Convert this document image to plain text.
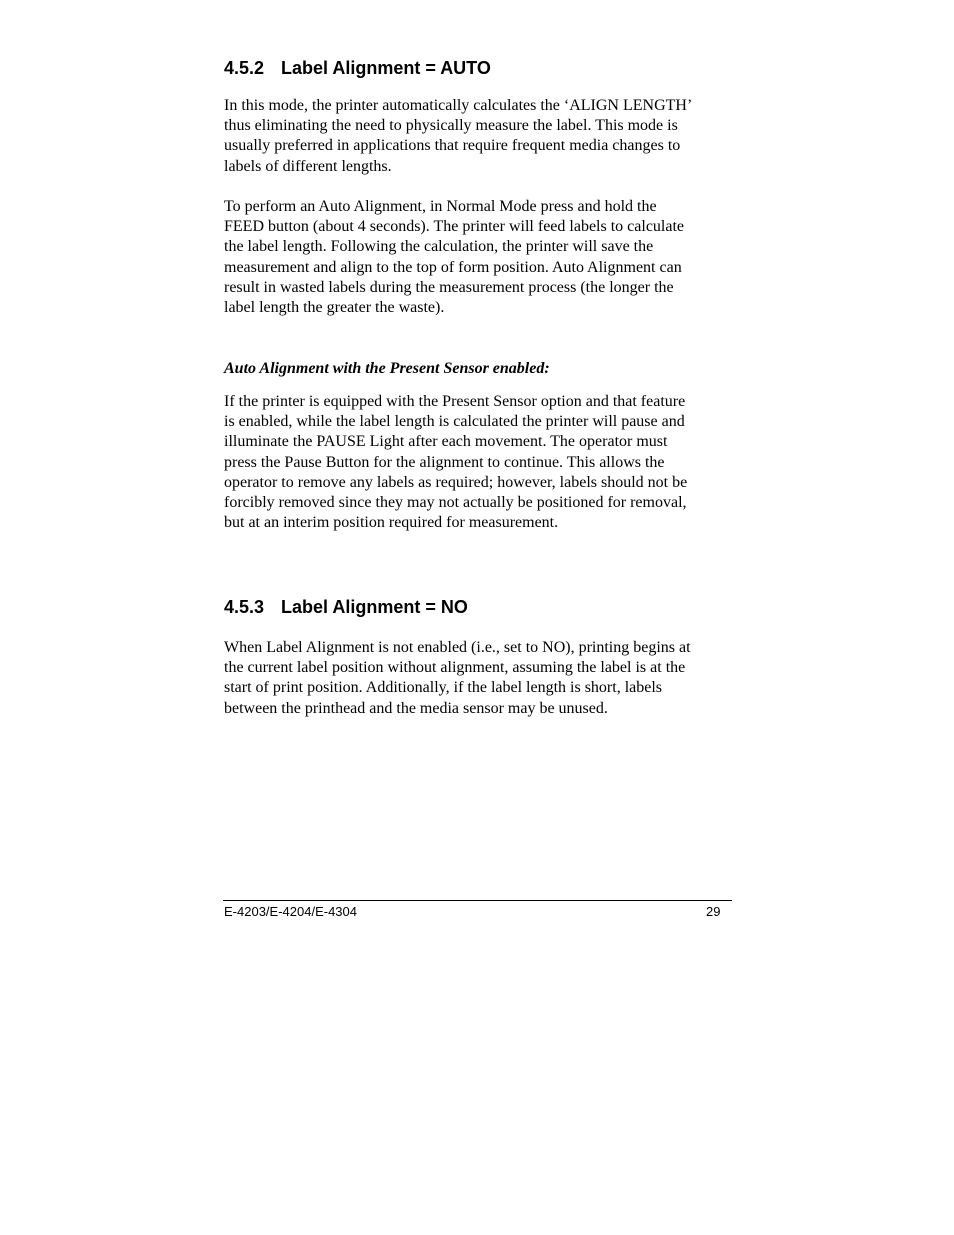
4.5.2 Label Alignment = AUTO

In this mode, the printer automatically calculates the ‘ALIGN LENGTH’
thus eliminating the need to physically measure the label. This mode is
usually preferred in applications that require frequent media changes to
labels of different lengths.

To perform an Auto Alignment, in Normal Mode press and hold the
FEED button (about 4 seconds). The printer will feed labels to calculate
the label length. Following the calculation, the printer will save the
measurement and align to the top of form position. Auto Alignment can
result in wasted labels during the measurement process (the longer the
label length the greater the waste).

Auto Alignment with the Present Sensor enabled:

If the printer is equipped with the Present Sensor option and that feature
is enabled, while the label length is calculated the printer will pause and
illuminate the PAUSE Light after each movement. The operator must
press the Pause Button for the alignment to continue. This allows the
operator to remove any labels as required; however, labels should not be
forcibly removed since they may not actually be positioned for removal,
but at an interim position required for measurement.

4.5.3 Label Alignment = NO

When Label Alignment is not enabled (i.e., set to NO), printing begins at
the current label position without alignment, assuming the label is at the
start of print position. Additionally, if the label length is short, labels
between the printhead and the media sensor may be unused.

E-4203/E-4204/E-4304	29
